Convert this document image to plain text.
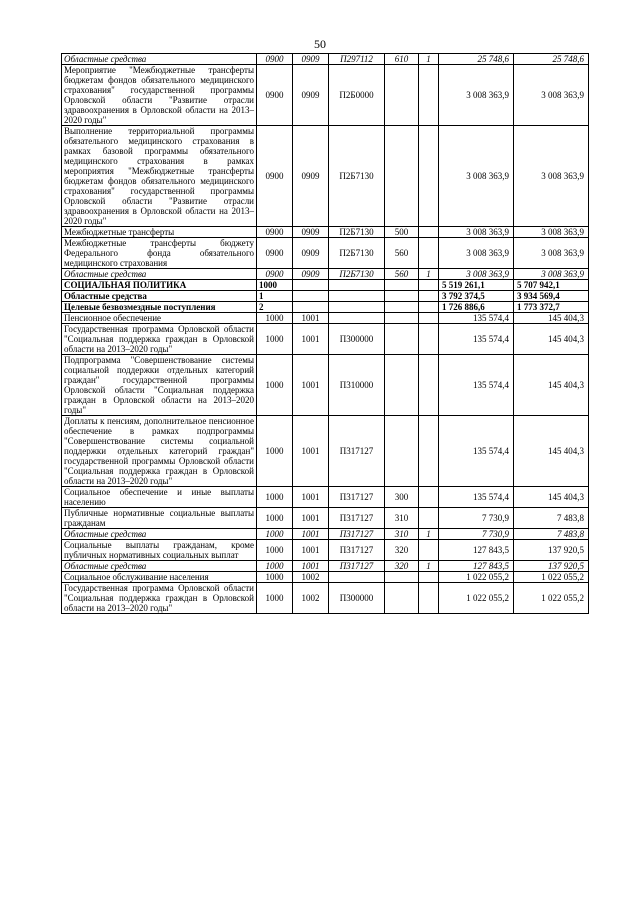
50
Областные средства	0900	0909	П297112	610	1	25 748,6	25 748,6
Мероприятие "Межбюджетные трансферты бюджетам фондов обязательного медицинского страхования" государственной программы Орловской области "Развитие отрасли здравоохранения в Орловской области на 2013–2020 годы"	0900	0909	П2Б0000			3 008 363,9	3 008 363,9
Выполнение территориальной программы обязательного медицинского страхования в рамках базовой программы обязательного медицинского страхования в рамках мероприятия "Межбюджетные трансферты бюджетам фондов обязательного медицинского страхования" государственной программы Орловской области "Развитие отрасли здравоохранения в Орловской области на 2013–2020 годы"	0900	0909	П2Б7130			3 008 363,9	3 008 363,9
Межбюджетные трансферты	0900	0909	П2Б7130	500		3 008 363,9	3 008 363,9
Межбюджетные трансферты бюджету Федерального фонда обязательного медицинского страхования	0900	0909	П2Б7130	560		3 008 363,9	3 008 363,9
Областные средства	0900	0909	П2Б7130	560	1	3 008 363,9	3 008 363,9
СОЦИАЛЬНАЯ ПОЛИТИКА	1000					5 519 261,1	5 707 942,1
Областные средства	1					3 792 374,5	3 934 569,4
Целевые безвозмездные поступления	2					1 726 886,6	1 773 372,7
Пенсионное обеспечение	1000	1001				135 574,4	145 404,3
Государственная программа Орловской области "Социальная поддержка граждан в Орловской области на 2013–2020 годы"	1000	1001	П300000			135 574,4	145 404,3
Подпрограмма "Совершенствование системы социальной поддержки отдельных категорий граждан" государственной программы Орловской области "Социальная поддержка граждан в Орловской области на 2013–2020 годы"	1000	1001	П310000			135 574,4	145 404,3
Доплаты к пенсиям, дополнительное пенсионное обеспечение в рамках подпрограммы "Совершенствование системы социальной поддержки отдельных категорий граждан" государственной программы Орловской области "Социальная поддержка граждан в Орловской области на 2013–2020 годы"	1000	1001	П317127			135 574,4	145 404,3
Социальное обеспечение и иные выплаты населению	1000	1001	П317127	300		135 574,4	145 404,3
Публичные нормативные социальные выплаты гражданам	1000	1001	П317127	310		7 730,9	7 483,8
Областные средства	1000	1001	П317127	310	1	7 730,9	7 483,8
Социальные выплаты гражданам, кроме публичных нормативных социальных выплат	1000	1001	П317127	320		127 843,5	137 920,5
Областные средства	1000	1001	П317127	320	1	127 843,5	137 920,5
Социальное обслуживание населения	1000	1002				1 022 055,2	1 022 055,2
Государственная программа Орловской области "Социальная поддержка граждан в Орловской области на 2013–2020 годы"	1000	1002	П300000			1 022 055,2	1 022 055,2
